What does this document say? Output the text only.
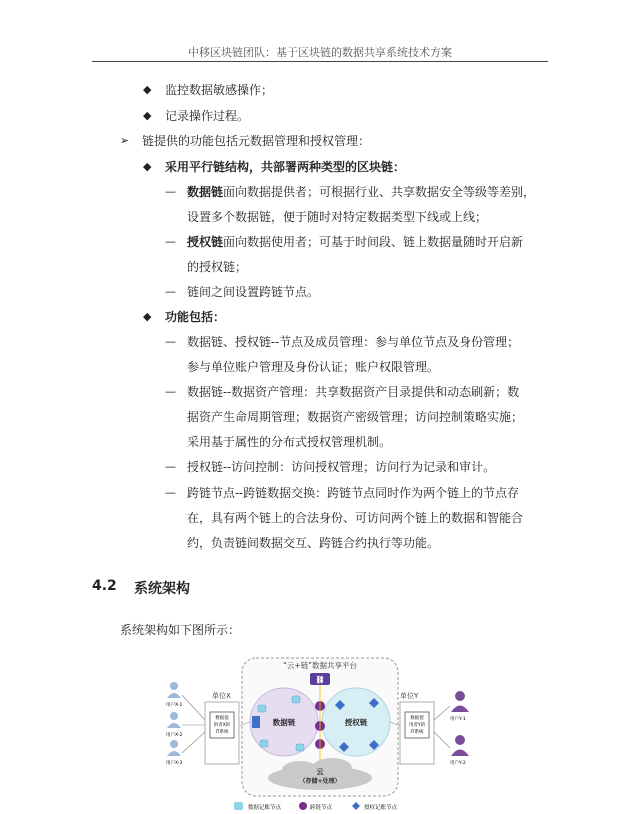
中移区块链团队：基于区块链的数据共享系统技术方案
◆ 监控数据敏感操作；
◆ 记录操作过程。
➢ 链提供的功能包括元数据管理和授权管理：
◆ 采用平行链结构，共部署两种类型的区块链：
— 数据链面向数据提供者；可根据行业、共享数据安全等级等差别，
设置多个数据链，便于随时对特定数据类型下线或上线；
— 授权链面向数据使用者；可基于时间段、链上数据量随时开启新
的授权链；
— 链间之间设置跨链节点。
◆ 功能包括：
— 数据链、授权链--节点及成员管理：参与单位节点及身份管理；
参与单位账户管理及身份认证；账户权限管理。
— 数据链--数据资产管理：共享数据资产目录提供和动态刷新；数
据资产生命周期管理；数据资产密级管理；访问控制策略实施；
采用基于属性的分布式授权管理机制。
— 授权链--访问控制：访问授权管理；访问行为记录和审计。
— 跨链节点--跨链数据交换：跨链节点同时作为两个链上的节点存
在，具有两个链上的合法身份、可访问两个链上的数据和智能合
约，负责链间数据交互、跨链合约执行等功能。
4.2 系统架构
系统架构如下图所示：
“云+链”数据共享平台
⛓
单位X
数据提
供者X的
IT系统
用户X-1
用户X-2
用户X-3
数据链	授权链
单位Y
数据使
用者Y的
IT系统
用户Y-1
用户Y-2
云
（存储+处理）
数据记账节点	跨链节点	授权记账节点
